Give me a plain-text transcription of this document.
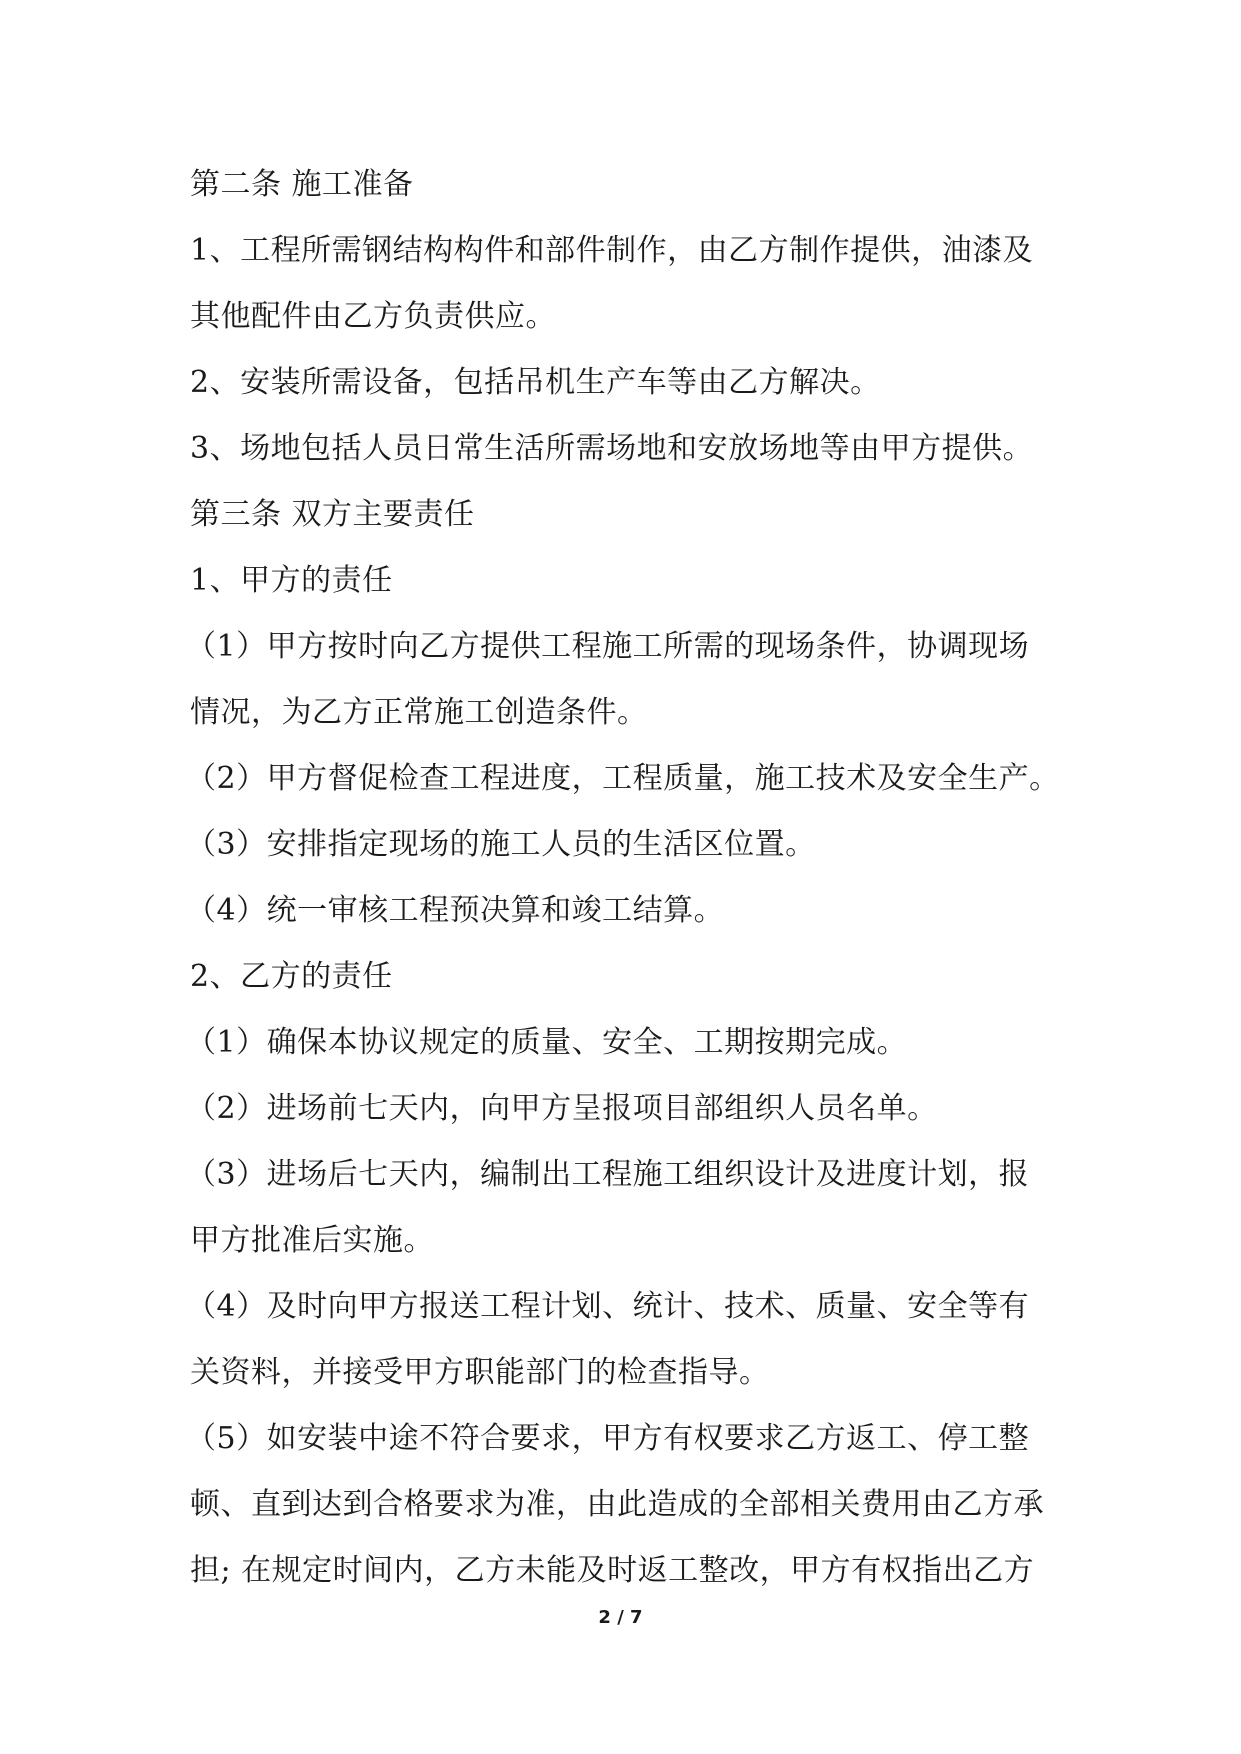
第二条 施工准备
1、工程所需钢结构构件和部件制作，由乙方制作提供，油漆及
其他配件由乙方负责供应。
2、安装所需设备，包括吊机生产车等由乙方解决。
3、场地包括人员日常生活所需场地和安放场地等由甲方提供。
第三条 双方主要责任
1、甲方的责任
（1）甲方按时向乙方提供工程施工所需的现场条件，协调现场
情况，为乙方正常施工创造条件。
（2）甲方督促检查工程进度，工程质量，施工技术及安全生产。
（3）安排指定现场的施工人员的生活区位置。
（4）统一审核工程预决算和竣工结算。
2、乙方的责任
（1）确保本协议规定的质量、安全、工期按期完成。
（2）进场前七天内，向甲方呈报项目部组织人员名单。
（3）进场后七天内，编制出工程施工组织设计及进度计划，报
甲方批准后实施。
（4）及时向甲方报送工程计划、统计、技术、质量、安全等有
关资料，并接受甲方职能部门的检查指导。
（5）如安装中途不符合要求，甲方有权要求乙方返工、停工整
顿、直到达到合格要求为准，由此造成的全部相关费用由乙方承
担; 在规定时间内，乙方未能及时返工整改，甲方有权指出乙方
2 / 7
